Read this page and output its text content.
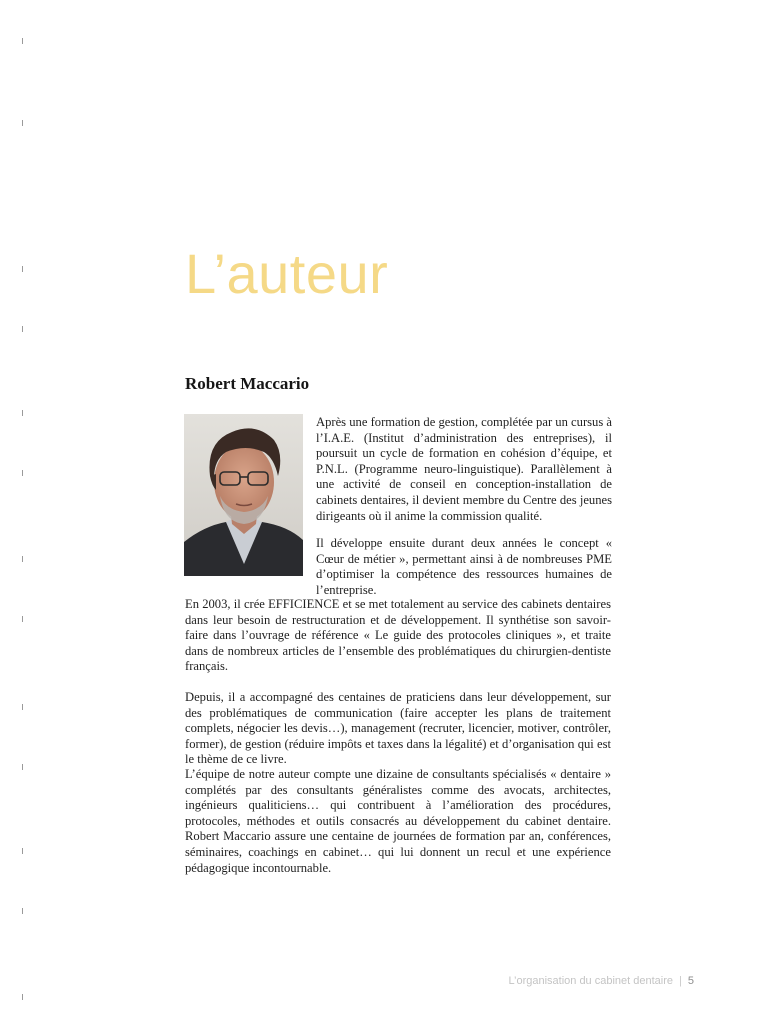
L’auteur
Robert Maccario

Après une formation de gestion, complétée par un cursus à l’I.A.E. (Institut d’administration des entreprises), il poursuit un cycle de formation en cohésion d’équipe, et P.N.L. (Programme neuro-linguistique). Parallèlement à une activité de conseil en conception-installation de cabinets dentaires, il devient membre du Centre des jeunes dirigeants où il anime la commission qualité.

Il développe ensuite durant deux années le concept « Cœur de métier », permettant ainsi à de nombreuses PME d’optimiser la compétence des ressources humaines de l’entreprise.

En 2003, il crée EFFICIENCE et se met totalement au service des cabinets dentaires dans leur besoin de restructuration et de développement. Il synthétise son savoir-faire dans l’ouvrage de référence « Le guide des protocoles cliniques », et traite dans de nombreux articles de l’ensemble des problématiques du chirurgien-dentiste français.

Depuis, il a accompagné des centaines de praticiens dans leur développement, sur des problématiques de communication (faire accepter les plans de traitement complets, négocier les devis…), management (recruter, licencier, motiver, contrôler, former), de gestion (réduire impôts et taxes dans la légalité) et d’organisation qui est le thème de ce livre.

L’équipe de notre auteur compte une dizaine de consultants spécialisés « dentaire » complétés par des consultants généralistes comme des avocats, architectes, ingénieurs qualiticiens… qui contribuent à l’amélioration des procédures, protocoles, méthodes et outils consacrés au développement du cabinet dentaire. Robert Maccario assure une centaine de journées de formation par an, conférences, séminaires, coachings en cabinet… qui lui donnent un recul et une expérience pédagogique incontournable.

L’organisation du cabinet dentaire | 5
